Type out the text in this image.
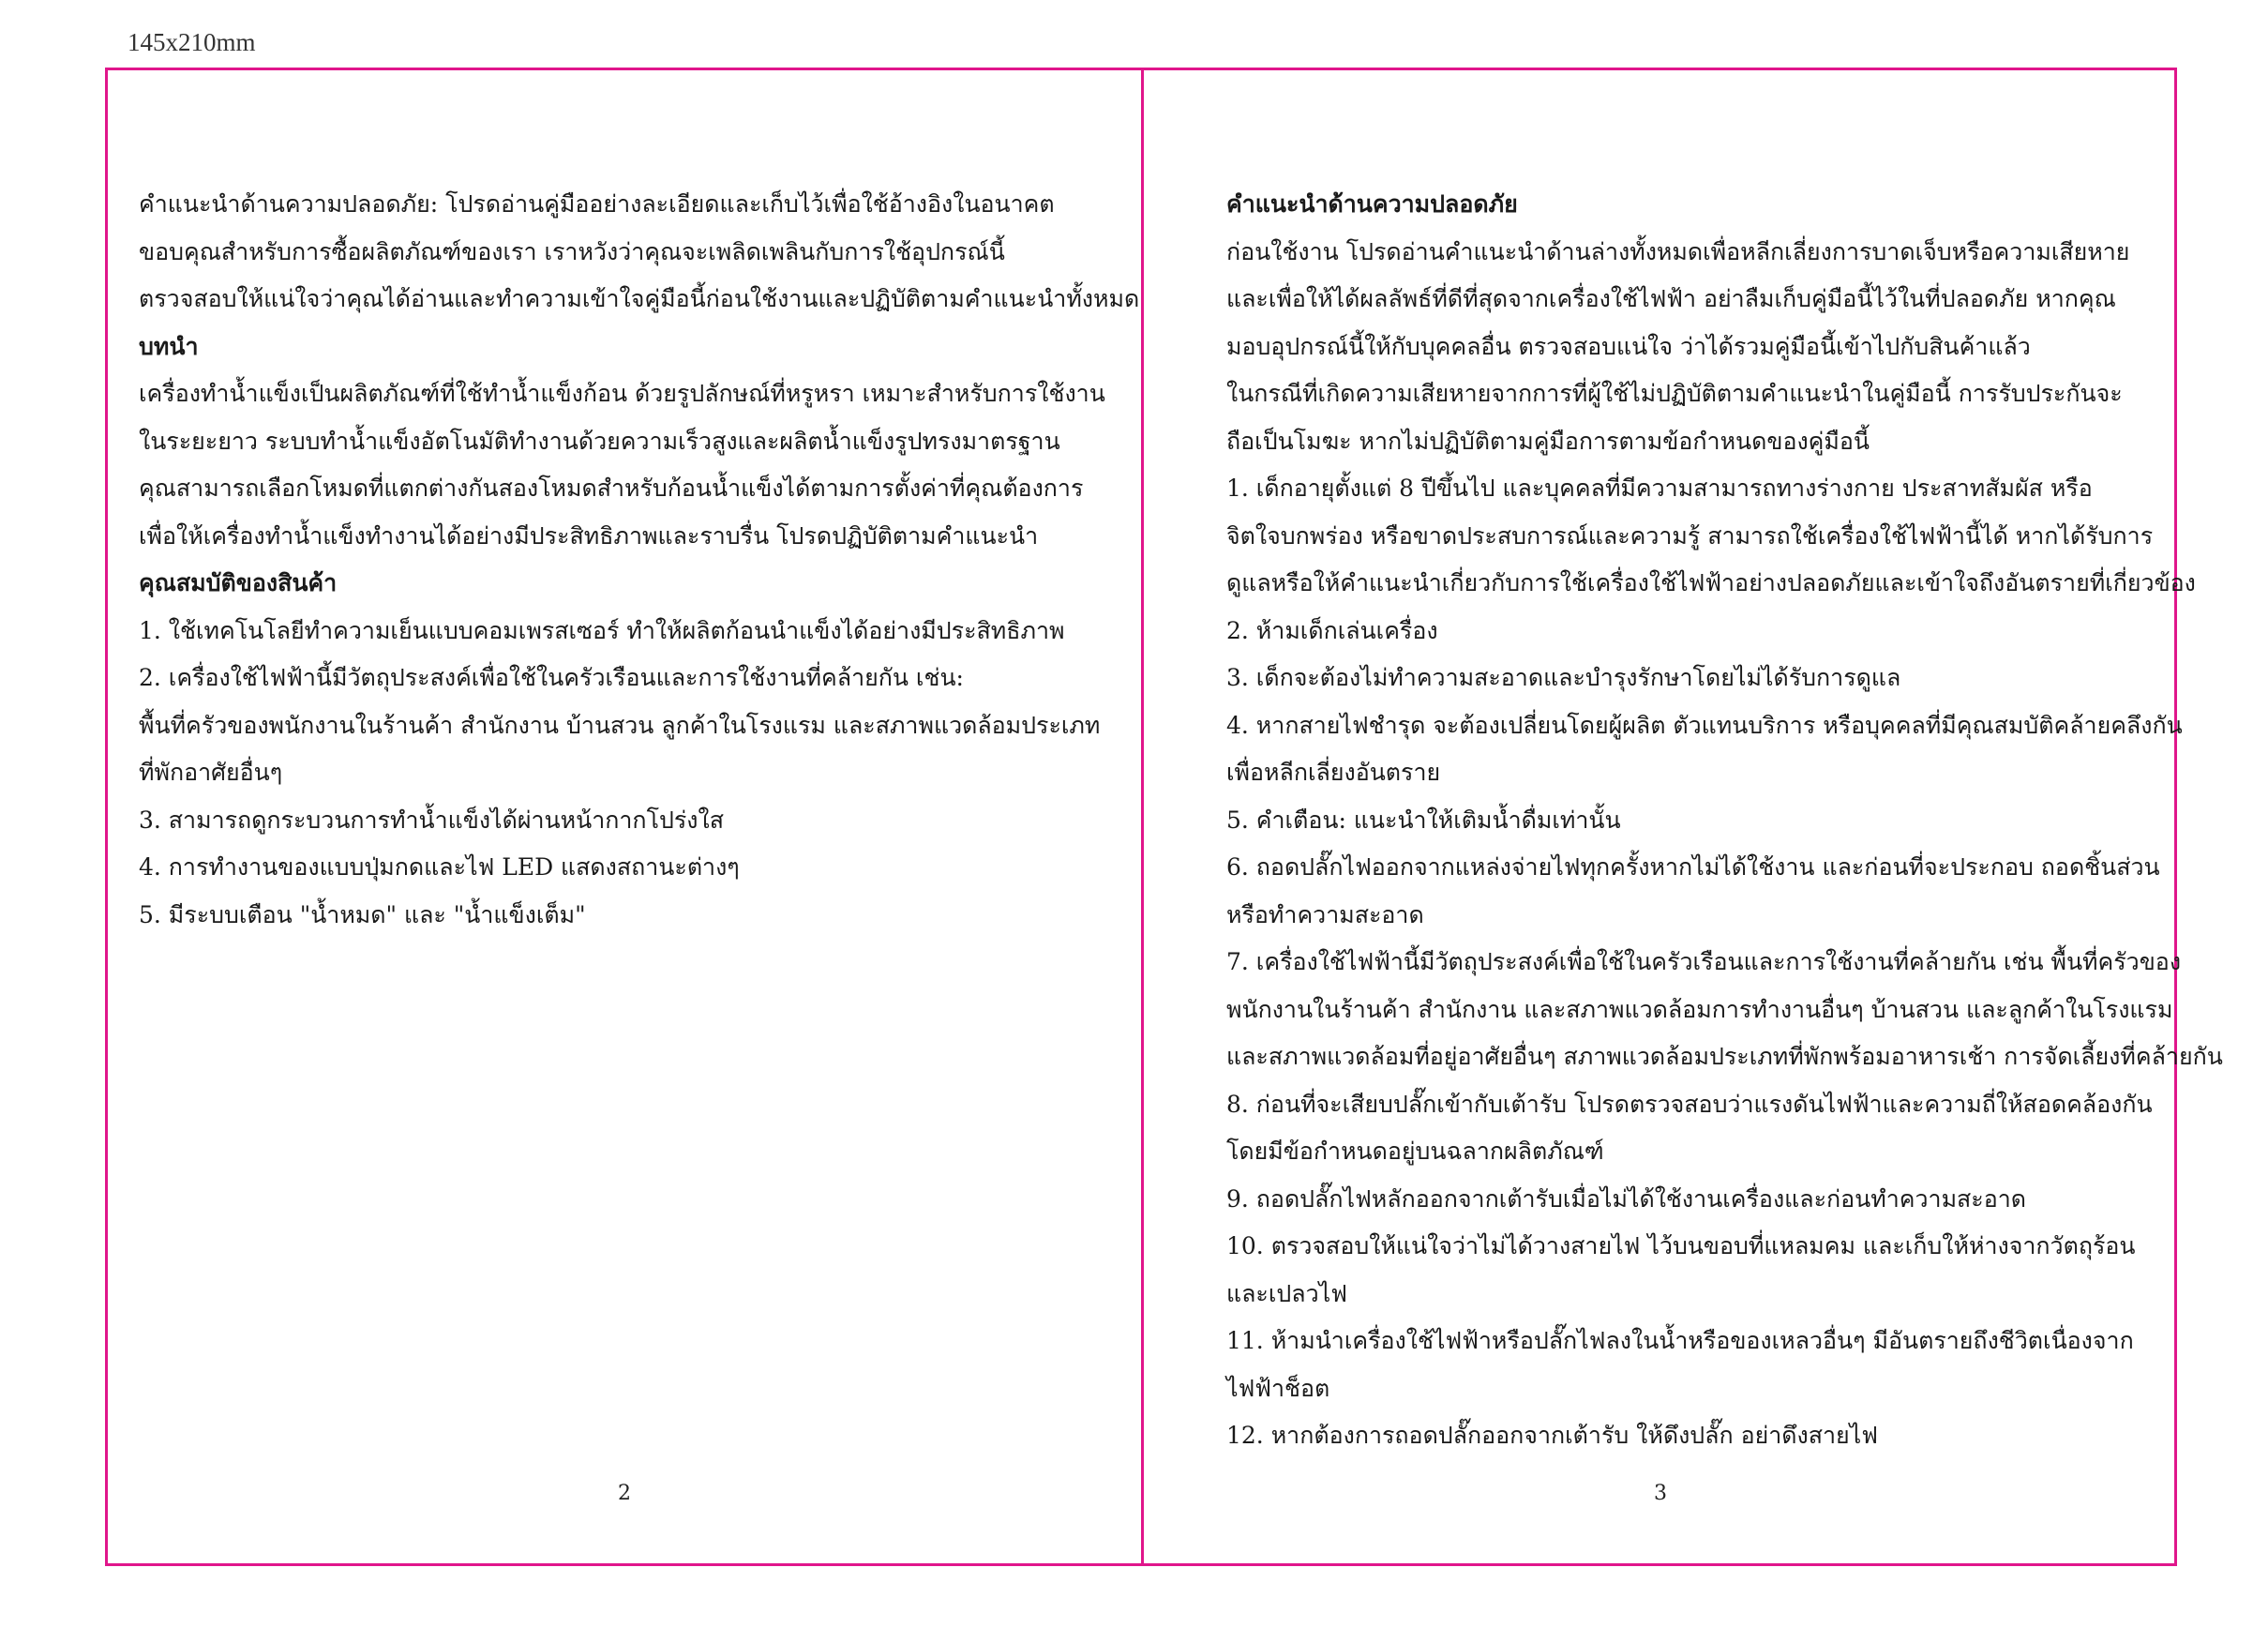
145x210mm
คำแนะนำด้านความปลอดภัย: โปรดอ่านคู่มืออย่างละเอียดและเก็บไว้เพื่อใช้อ้างอิงในอนาคต
ขอบคุณสำหรับการซื้อผลิตภัณฑ์ของเรา เราหวังว่าคุณจะเพลิดเพลินกับการใช้อุปกรณ์นี้
ตรวจสอบให้แน่ใจว่าคุณได้อ่านและทำความเข้าใจคู่มือนี้ก่อนใช้งานและปฏิบัติตามคำแนะนำทั้งหมด
บทนำ
เครื่องทำน้ำแข็งเป็นผลิตภัณฑ์ที่ใช้ทำน้ำแข็งก้อน ด้วยรูปลักษณ์ที่หรูหรา เหมาะสำหรับการใช้งาน
ในระยะยาว ระบบทำน้ำแข็งอัตโนมัติทำงานด้วยความเร็วสูงและผลิตน้ำแข็งรูปทรงมาตรฐาน
คุณสามารถเลือกโหมดที่แตกต่างกันสองโหมดสำหรับก้อนน้ำแข็งได้ตามการตั้งค่าที่คุณต้องการ
เพื่อให้เครื่องทำน้ำแข็งทำงานได้อย่างมีประสิทธิภาพและราบรื่น โปรดปฏิบัติตามคำแนะนำ
คุณสมบัติของสินค้า
1. ใช้เทคโนโลยีทำความเย็นแบบคอมเพรสเซอร์ ทำให้ผลิตก้อนนำแข็งได้อย่างมีประสิทธิภาพ
2. เครื่องใช้ไฟฟ้านี้มีวัตถุประสงค์เพื่อใช้ในครัวเรือนและการใช้งานที่คล้ายกัน เช่น:
พื้นที่ครัวของพนักงานในร้านค้า สำนักงาน บ้านสวน ลูกค้าในโรงแรม และสภาพแวดล้อมประเภท
ที่พักอาศัยอื่นๆ
3. สามารถดูกระบวนการทำน้ำแข็งได้ผ่านหน้ากากโปร่งใส
4. การทำงานของแบบปุ่มกดและไฟ LED แสดงสถานะต่างๆ
5. มีระบบเตือน "น้ำหมด" และ "น้ำแข็งเต็ม"
2
คำแนะนำด้านความปลอดภัย
ก่อนใช้งาน โปรดอ่านคำแนะนำด้านล่างทั้งหมดเพื่อหลีกเลี่ยงการบาดเจ็บหรือความเสียหาย
และเพื่อให้ได้ผลลัพธ์ที่ดีที่สุดจากเครื่องใช้ไฟฟ้า อย่าลืมเก็บคู่มือนี้ไว้ในที่ปลอดภัย หากคุณ
มอบอุปกรณ์นี้ให้กับบุคคลอื่น ตรวจสอบแน่ใจ ว่าได้รวมคู่มือนี้เข้าไปกับสินค้าแล้ว
ในกรณีที่เกิดความเสียหายจากการที่ผู้ใช้ไม่ปฏิบัติตามคำแนะนำในคู่มือนี้ การรับประกันจะ
ถือเป็นโมฆะ หากไม่ปฏิบัติตามคู่มือการตามข้อกำหนดของคู่มือนี้
1. เด็กอายุตั้งแต่ 8 ปีขึ้นไป และบุคคลที่มีความสามารถทางร่างกาย ประสาทสัมผัส หรือ
จิตใจบกพร่อง หรือขาดประสบการณ์และความรู้ สามารถใช้เครื่องใช้ไฟฟ้านี้ได้ หากได้รับการ
ดูแลหรือให้คำแนะนำเกี่ยวกับการใช้เครื่องใช้ไฟฟ้าอย่างปลอดภัยและเข้าใจถึงอันตรายที่เกี่ยวข้อง
2. ห้ามเด็กเล่นเครื่อง
3. เด็กจะต้องไม่ทำความสะอาดและบำรุงรักษาโดยไม่ได้รับการดูแล
4. หากสายไฟชำรุด จะต้องเปลี่ยนโดยผู้ผลิต ตัวแทนบริการ หรือบุคคลที่มีคุณสมบัติคล้ายคลึงกัน
เพื่อหลีกเลี่ยงอันตราย
5. คำเตือน: แนะนำให้เติมน้ำดื่มเท่านั้น
6. ถอดปลั๊กไฟออกจากแหล่งจ่ายไฟทุกครั้งหากไม่ได้ใช้งาน และก่อนที่จะประกอบ ถอดชิ้นส่วน
หรือทำความสะอาด
7. เครื่องใช้ไฟฟ้านี้มีวัตถุประสงค์เพื่อใช้ในครัวเรือนและการใช้งานที่คล้ายกัน เช่น พื้นที่ครัวของ
พนักงานในร้านค้า สำนักงาน และสภาพแวดล้อมการทำงานอื่นๆ บ้านสวน และลูกค้าในโรงแรม
และสภาพแวดล้อมที่อยู่อาศัยอื่นๆ สภาพแวดล้อมประเภทที่พักพร้อมอาหารเช้า การจัดเลี้ยงที่คล้ายกัน
8. ก่อนที่จะเสียบปลั๊กเข้ากับเต้ารับ โปรดตรวจสอบว่าแรงดันไฟฟ้าและความถี่ให้สอดคล้องกัน
โดยมีข้อกำหนดอยู่บนฉลากผลิตภัณฑ์
9. ถอดปลั๊กไฟหลักออกจากเต้ารับเมื่อไม่ได้ใช้งานเครื่องและก่อนทำความสะอาด
10. ตรวจสอบให้แน่ใจว่าไม่ได้วางสายไฟ ไว้บนขอบที่แหลมคม และเก็บให้ห่างจากวัตถุร้อน
และเปลวไฟ
11. ห้ามนำเครื่องใช้ไฟฟ้าหรือปลั๊กไฟลงในน้ำหรือของเหลวอื่นๆ มีอันตรายถึงชีวิตเนื่องจาก
ไฟฟ้าช็อต
12. หากต้องการถอดปลั๊กออกจากเต้ารับ ให้ดึงปลั๊ก อย่าดึงสายไฟ
3
